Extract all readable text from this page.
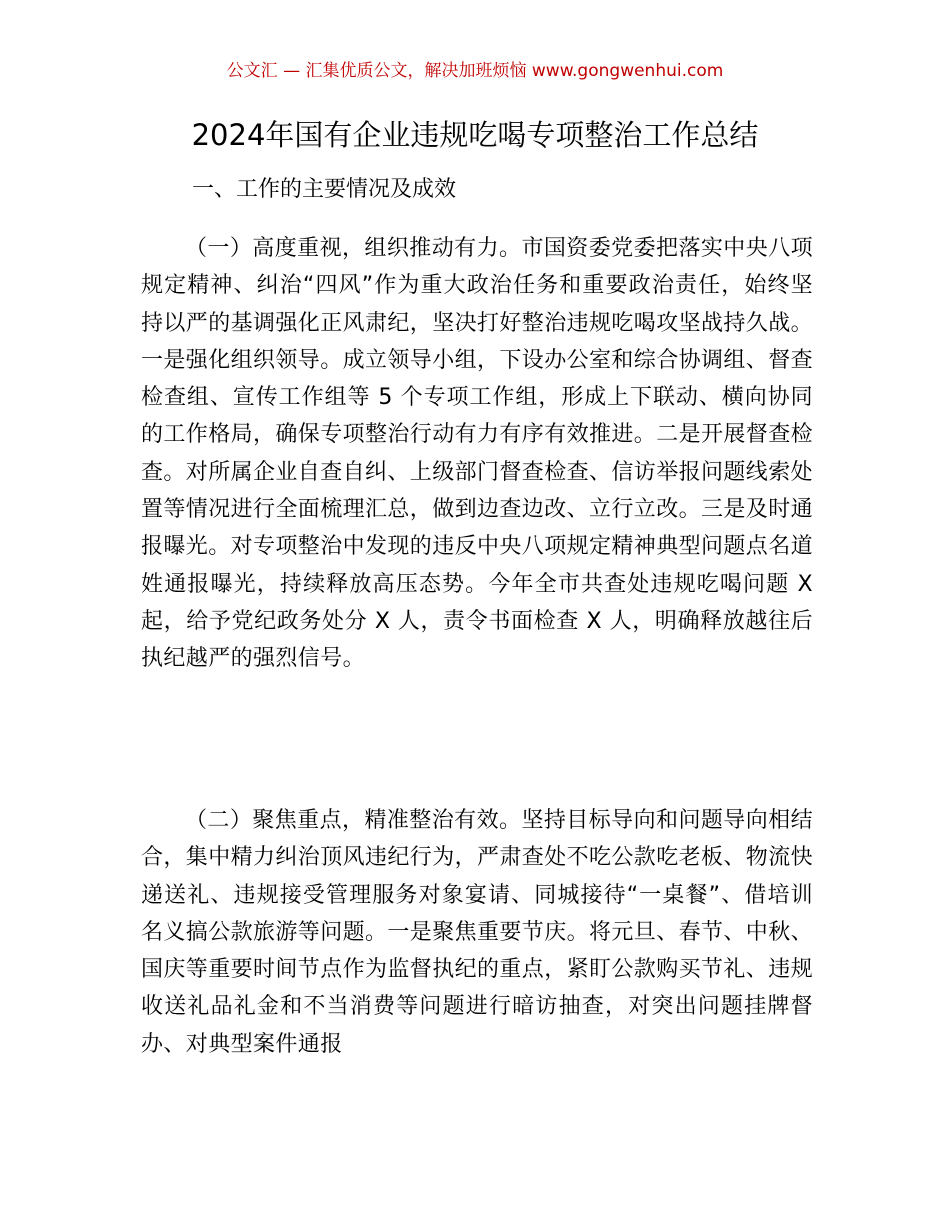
公文汇 — 汇集优质公文，解决加班烦恼 www.gongwenhui.com
2024年国有企业违规吃喝专项整治工作总结
一、工作的主要情况及成效

（一）高度重视，组织推动有力。市国资委党委把落实中央八项规定精神、纠治“四风”作为重大政治任务和重要政治责任，始终坚持以严的基调强化正风肃纪，坚决打好整治违规吃喝攻坚战持久战。一是强化组织领导。成立领导小组，下设办公室和综合协调组、督查检查组、宣传工作组等 5 个专项工作组，形成上下联动、横向协同的工作格局，确保专项整治行动有力有序有效推进。二是开展督查检查。对所属企业自查自纠、上级部门督查检查、信访举报问题线索处置等情况进行全面梳理汇总，做到边查边改、立行立改。三是及时通报曝光。对专项整治中发现的违反中央八项规定精神典型问题点名道姓通报曝光，持续释放高压态势。今年全市共查处违规吃喝问题 X 起，给予党纪政务处分 X 人，责令书面检查 X 人，明确释放越往后执纪越严的强烈信号。

（二）聚焦重点，精准整治有效。坚持目标导向和问题导向相结合，集中精力纠治顶风违纪行为，严肃查处不吃公款吃老板、物流快递送礼、违规接受管理服务对象宴请、同城接待“一桌餐”、借培训名义搞公款旅游等问题。一是聚焦重要节庆。将元旦、春节、中秋、国庆等重要时间节点作为监督执纪的重点，紧盯公款购买节礼、违规收送礼品礼金和不当消费等问题进行暗访抽查，对突出问题挂牌督办、对典型案件通报
